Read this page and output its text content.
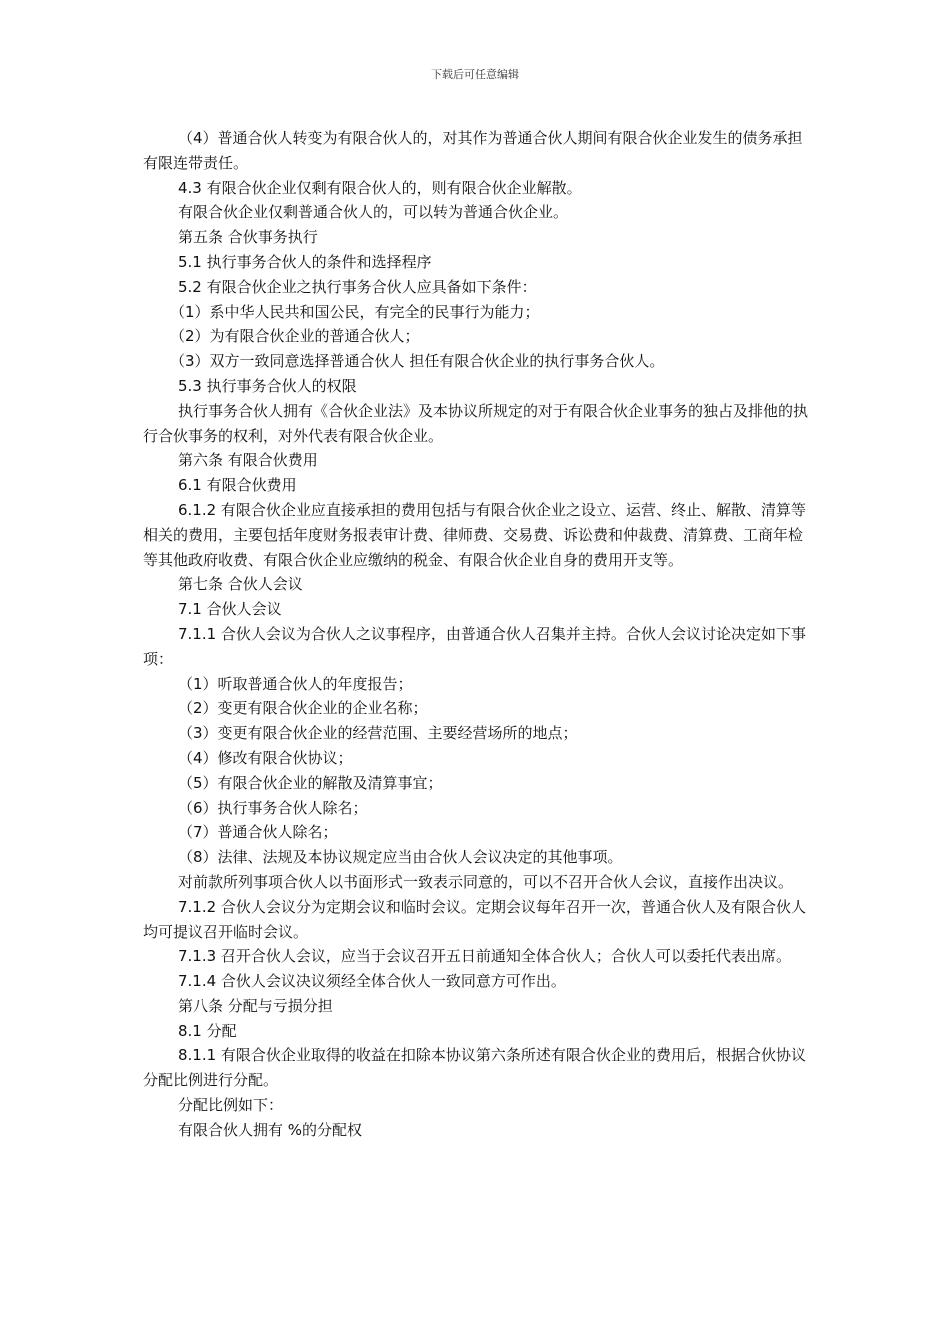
下载后可任意编辑

（4）普通合伙人转变为有限合伙人的，对其作为普通合伙人期间有限合伙企业发生的债务承担有限连带责任。

4.3 有限合伙企业仅剩有限合伙人的，则有限合伙企业解散。

有限合伙企业仅剩普通合伙人的，可以转为普通合伙企业。

第五条 合伙事务执行

5.1 执行事务合伙人的条件和选择程序

5.2 有限合伙企业之执行事务合伙人应具备如下条件：

（1）系中华人民共和国公民，有完全的民事行为能力；

（2）为有限合伙企业的普通合伙人；

（3）双方一致同意选择普通合伙人 担任有限合伙企业的执行事务合伙人。

5.3 执行事务合伙人的权限

执行事务合伙人拥有《合伙企业法》及本协议所规定的对于有限合伙企业事务的独占及排他的执行合伙事务的权利，对外代表有限合伙企业。

第六条 有限合伙费用

6.1 有限合伙费用

6.1.2 有限合伙企业应直接承担的费用包括与有限合伙企业之设立、运营、终止、解散、清算等相关的费用，主要包括年度财务报表审计费、律师费、交易费、诉讼费和仲裁费、清算费、工商年检等其他政府收费、有限合伙企业应缴纳的税金、有限合伙企业自身的费用开支等。

第七条 合伙人会议

7.1 合伙人会议

7.1.1 合伙人会议为合伙人之议事程序，由普通合伙人召集并主持。合伙人会议讨论决定如下事项：

（1）听取普通合伙人的年度报告；

（2）变更有限合伙企业的企业名称；

（3）变更有限合伙企业的经营范围、主要经营场所的地点；

（4）修改有限合伙协议；

（5）有限合伙企业的解散及清算事宜；

（6）执行事务合伙人除名；

（7）普通合伙人除名；

（8）法律、法规及本协议规定应当由合伙人会议决定的其他事项。

对前款所列事项合伙人以书面形式一致表示同意的，可以不召开合伙人会议，直接作出决议。

7.1.2 合伙人会议分为定期会议和临时会议。定期会议每年召开一次，普通合伙人及有限合伙人均可提议召开临时会议。

7.1.3 召开合伙人会议，应当于会议召开五日前通知全体合伙人；合伙人可以委托代表出席。

7.1.4 合伙人会议决议须经全体合伙人一致同意方可作出。

第八条 分配与亏损分担

8.1 分配

8.1.1 有限合伙企业取得的收益在扣除本协议第六条所述有限合伙企业的费用后，根据合伙协议分配比例进行分配。

分配比例如下：

有限合伙人拥有 %的分配权
